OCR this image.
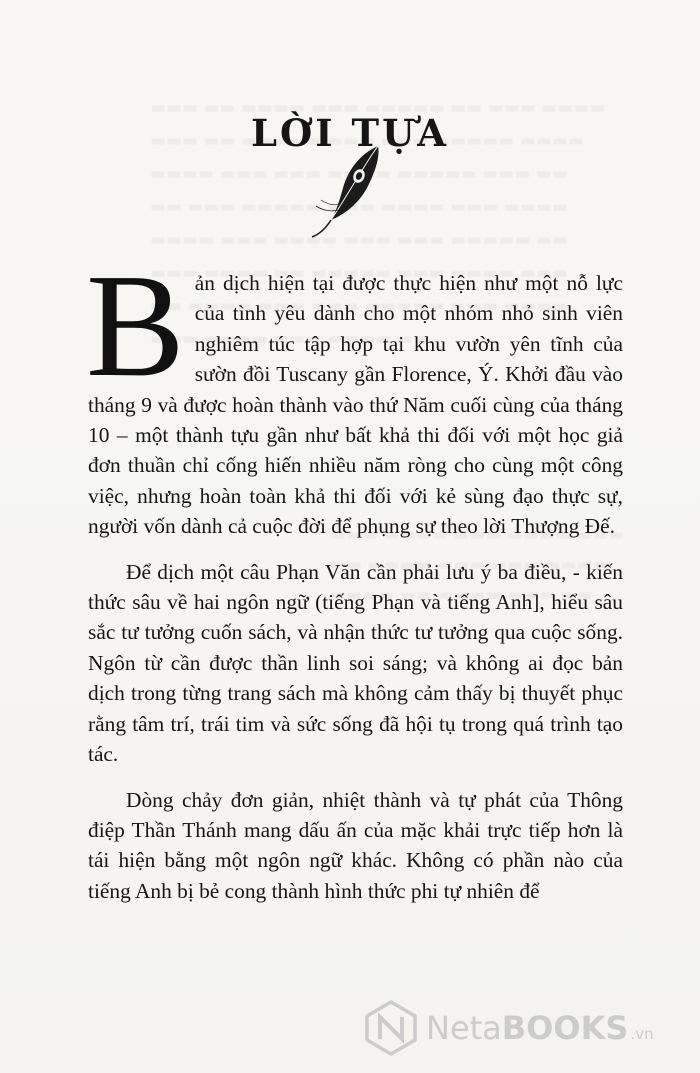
LỜI TỰA

Bản dịch hiện tại được thực hiện như một nỗ lực của tình yêu dành cho một nhóm nhỏ sinh viên nghiêm túc tập hợp tại khu vườn yên tĩnh của sườn đồi Tuscany gần Florence, Ý. Khởi đầu vào tháng 9 và được hoàn thành vào thứ Năm cuối cùng của tháng 10 – một thành tựu gần như bất khả thi đối với một học giả đơn thuần chỉ cống hiến nhiều năm ròng cho cùng một công việc, nhưng hoàn toàn khả thi đối với kẻ sùng đạo thực sự, người vốn dành cả cuộc đời để phụng sự theo lời Thượng Đế.

Để dịch một câu Phạn Văn cần phải lưu ý ba điều, - kiến thức sâu về hai ngôn ngữ (tiếng Phạn và tiếng Anh], hiểu sâu sắc tư tưởng cuốn sách, và nhận thức tư tưởng qua cuộc sống. Ngôn từ cần được thần linh soi sáng; và không ai đọc bản dịch trong từng trang sách mà không cảm thấy bị thuyết phục rằng tâm trí, trái tim và sức sống đã hội tụ trong quá trình tạo tác.

Dòng chảy đơn giản, nhiệt thành và tự phát của Thông điệp Thần Thánh mang dấu ấn của mặc khải trực tiếp hơn là tái hiện bằng một ngôn ngữ khác. Không có phần nào của tiếng Anh bị bẻ cong thành hình thức phi tự nhiên để

Neta BOOKS .vn
